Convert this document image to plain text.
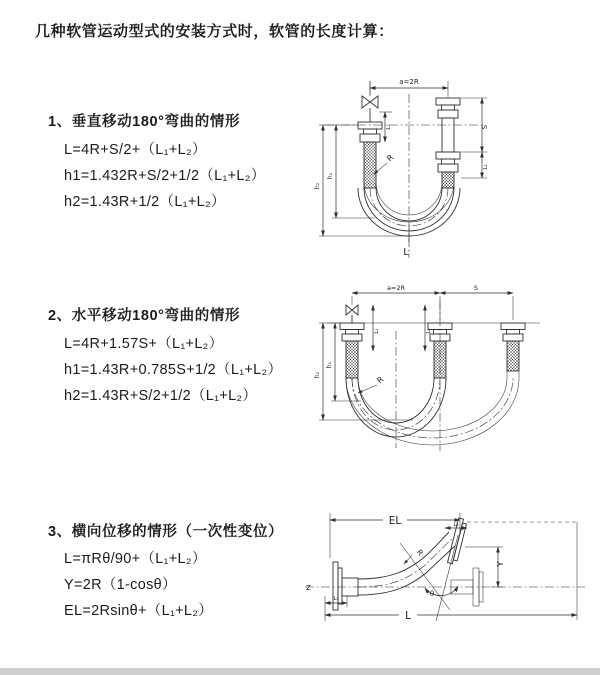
几种软管运动型式的安装方式时，软管的长度计算：
1、垂直移动180°弯曲的情形
L=4R+S/2+（L₁+L₂）
h1=1.432R+S/2+1/2（L₁+L₂）
h2=1.43R+1/2（L₁+L₂）
2、水平移动180°弯曲的情形
L=4R+1.57S+（L₁+L₂）
h1=1.43R+0.785S+1/2（L₁+L₂）
h2=1.43R+S/2+1/2（L₁+L₂）
3、横向位移的情形（一次性变位）
L=πRθ/90+（L₁+L₂）
Y=2R（1-cosθ）
EL=2Rsinθ+（L₁+L₂）
a=2R
h₁
h₂
L₁	S
L₂
R
L
a=2R	S
h₁
h₂
L₁	L₂
R
Z
EL	L₂
Y
θ
R
L₁
L
